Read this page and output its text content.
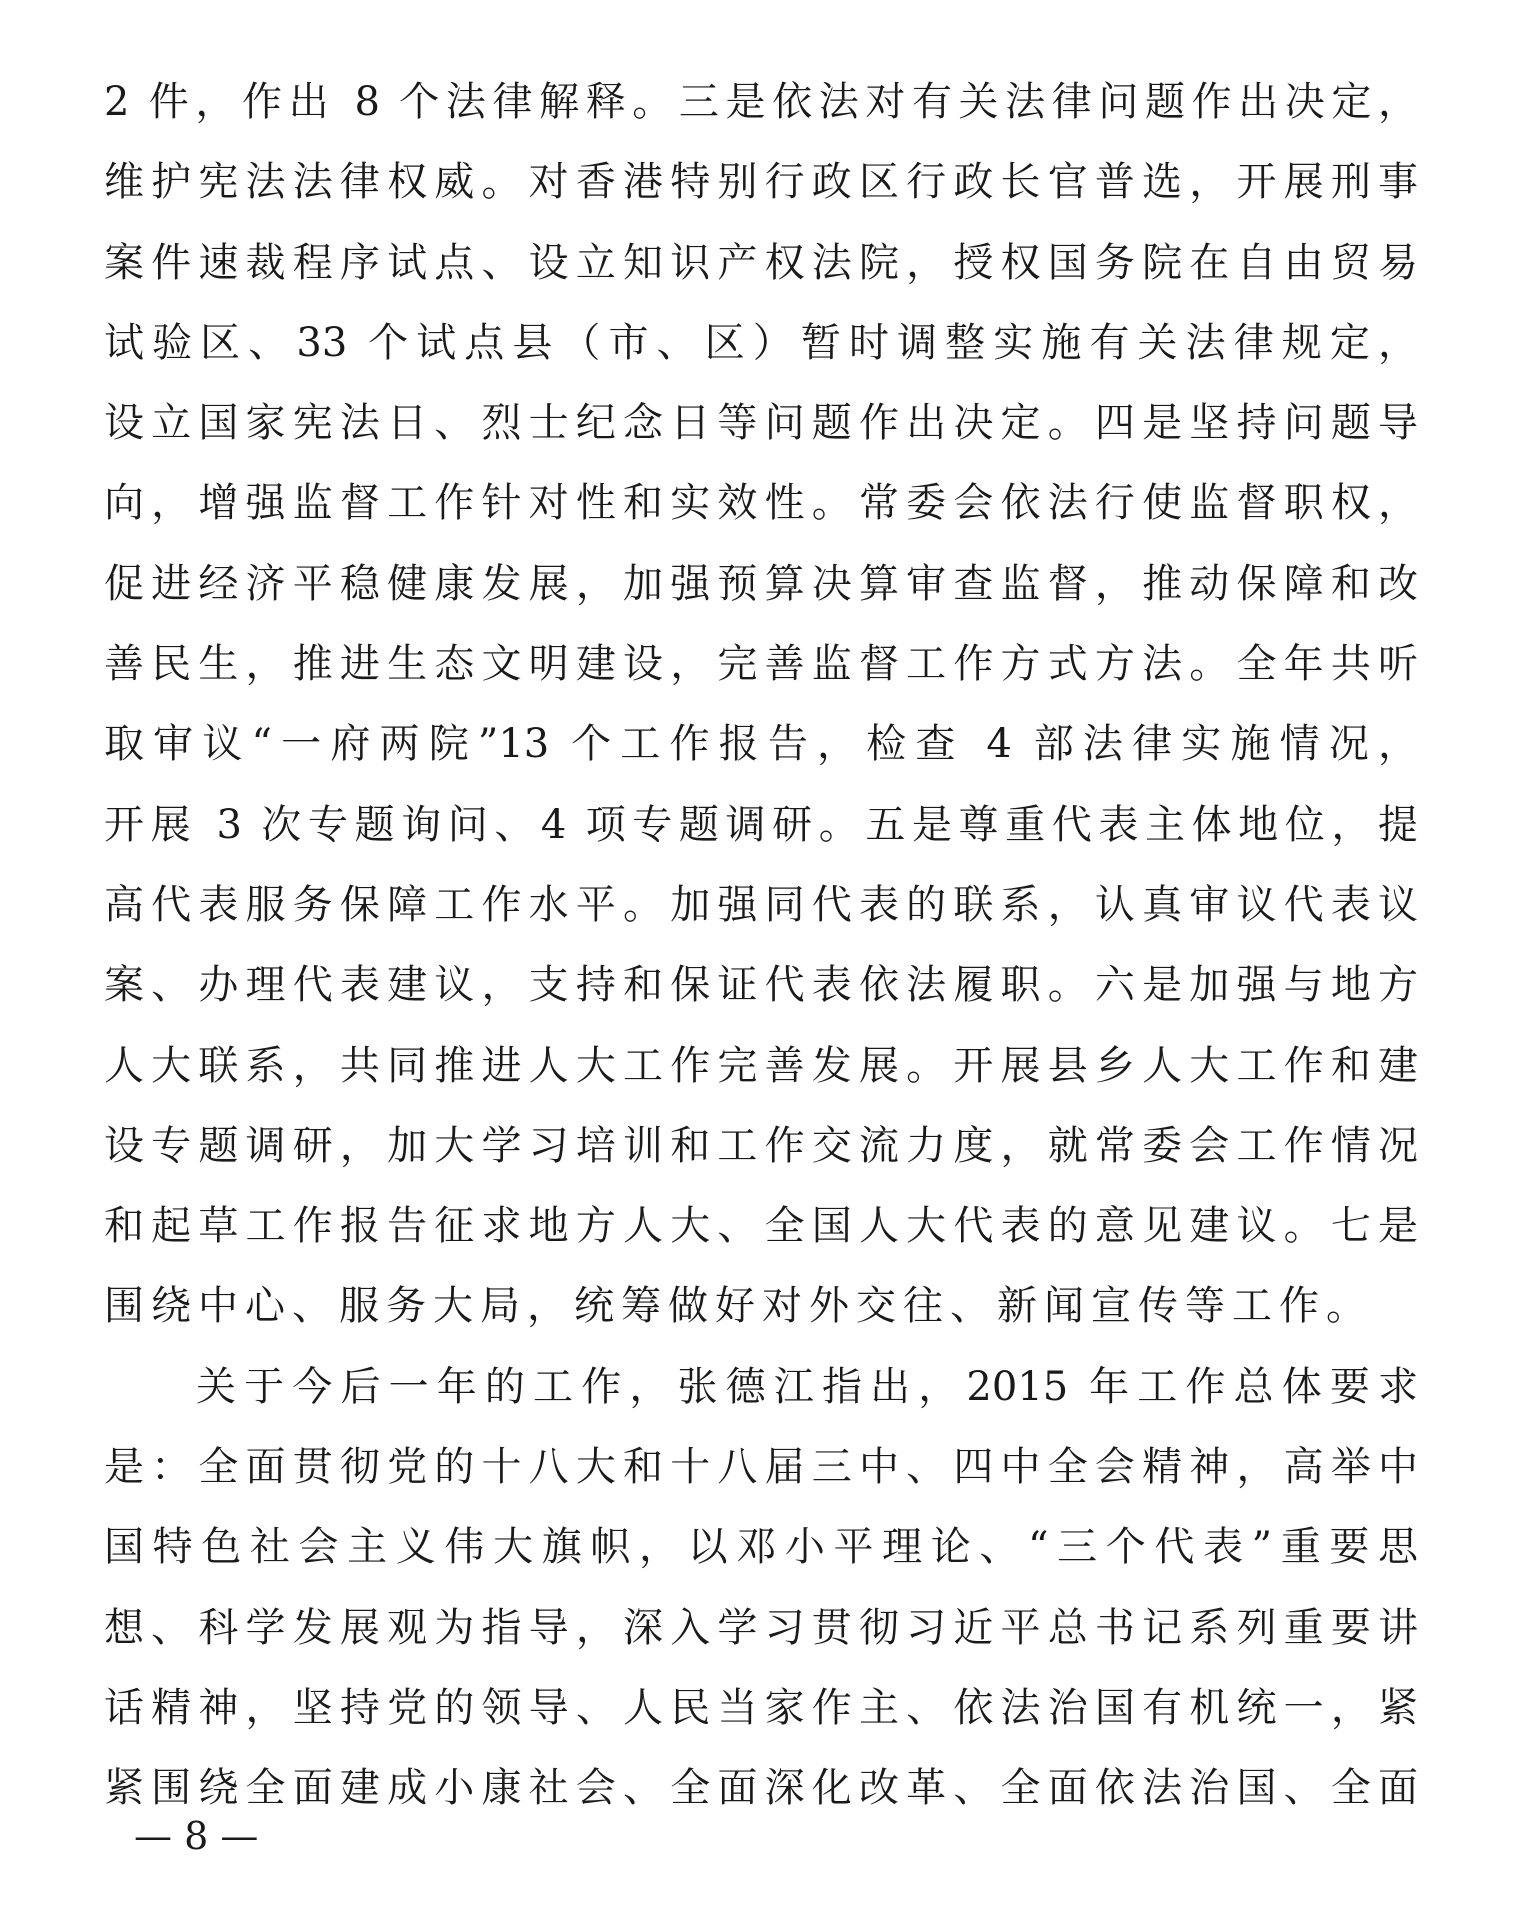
2 件，作出 8 个法律解释。三是依法对有关法律问题作出决定，
维护宪法法律权威。对香港特别行政区行政长官普选，开展刑事
案件速裁程序试点、设立知识产权法院，授权国务院在自由贸易
试验区、33 个试点县（市、区）暂时调整实施有关法律规定，
设立国家宪法日、烈士纪念日等问题作出决定。四是坚持问题导
向，增强监督工作针对性和实效性。常委会依法行使监督职权，
促进经济平稳健康发展，加强预算决算审查监督，推动保障和改
善民生，推进生态文明建设，完善监督工作方式方法。全年共听
取审议“一府两院”13 个工作报告，检查 4 部法律实施情况，
开展 3 次专题询问、4 项专题调研。五是尊重代表主体地位，提
高代表服务保障工作水平。加强同代表的联系，认真审议代表议
案、办理代表建议，支持和保证代表依法履职。六是加强与地方
人大联系，共同推进人大工作完善发展。开展县乡人大工作和建
设专题调研，加大学习培训和工作交流力度，就常委会工作情况
和起草工作报告征求地方人大、全国人大代表的意见建议。七是
围绕中心、服务大局，统筹做好对外交往、新闻宣传等工作。
关于今后一年的工作，张德江指出，2015 年工作总体要求
是：全面贯彻党的十八大和十八届三中、四中全会精神，高举中
国特色社会主义伟大旗帜，以邓小平理论、“三个代表”重要思
想、科学发展观为指导，深入学习贯彻习近平总书记系列重要讲
话精神，坚持党的领导、人民当家作主、依法治国有机统一，紧
紧围绕全面建成小康社会、全面深化改革、全面依法治国、全面
— 8 —
